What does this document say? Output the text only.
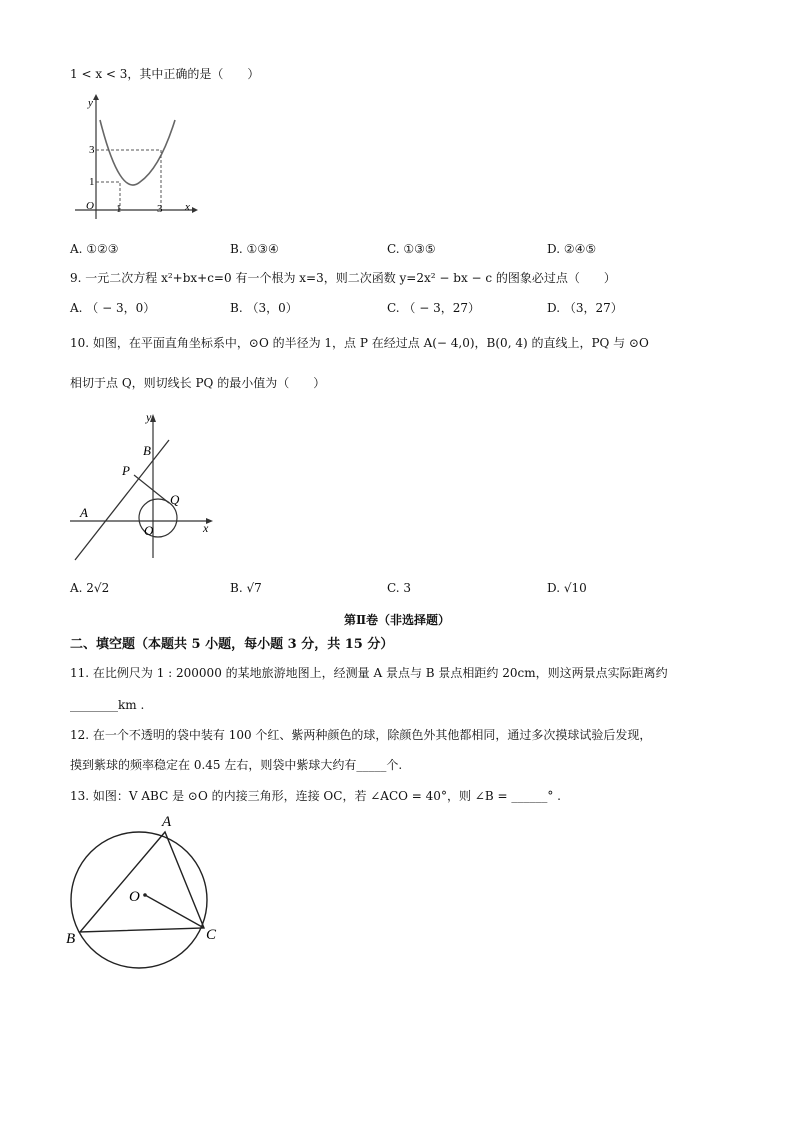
1 < x < 3，其中正确的是（　　）
y
x
O 1	3
1
3
A. ①②③	B. ①③④	C. ①③⑤	D. ②④⑤
9. 一元二次方程 x²+bx+c=0 有一个根为 x=3，则二次函数 y=2x² − bx − c 的图象必过点（　　）
A. （ − 3，0）	B. （3，0）	C. （ − 3，27）	D. （3，27）
10. 如图，在平面直角坐标系中，⊙O 的半径为 1，点 P 在经过点 A(− 4,0)，B(0, 4) 的直线上，PQ 与 ⊙O
相切于点 Q，则切线长 PQ 的最小值为（　　）
y
x
A
B
P
Q
O
A. 2√2	B. √7	C. 3	D. √10
第Ⅱ卷（非选择题）
二、填空题（本题共 5 小题，每小题 3 分，共 15 分）
11. 在比例尺为 1 : 200000 的某地旅游地图上，经测量 A 景点与 B 景点相距约 20cm，则这两景点实际距离约
________km .
12. 在一个不透明的袋中装有 100 个红、紫两种颜色的球，除颜色外其他都相同，通过多次摸球试验后发现，
摸到紫球的频率稳定在 0.45 左右，则袋中紫球大约有_____个.
13. 如图：V ABC 是 ⊙O 的内接三角形，连接 OC，若 ∠ACO = 40°，则 ∠B = ______° .
A
B	C
O
